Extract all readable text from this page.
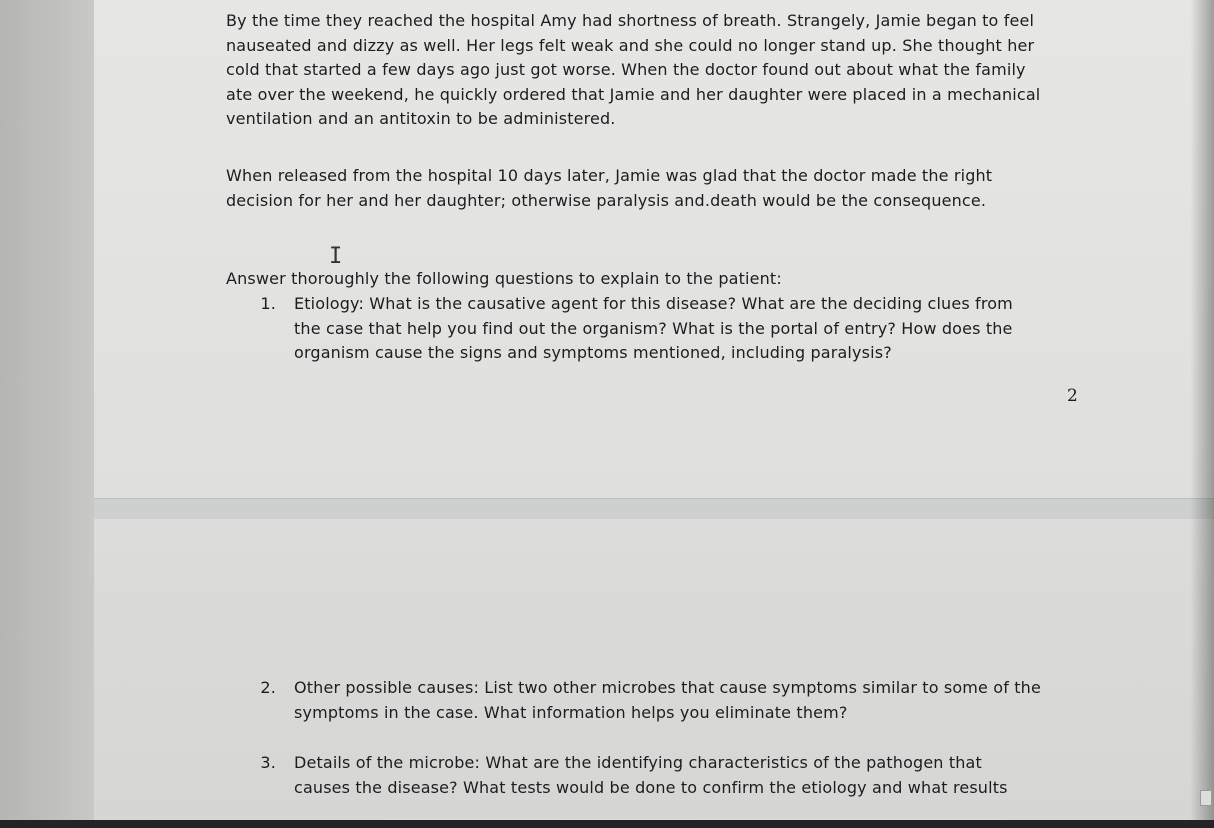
By the time they reached the hospital Amy had shortness of breath. Strangely, Jamie began to feel
nauseated and dizzy as well. Her legs felt weak and she could no longer stand up. She thought her
cold that started a few days ago just got worse. When the doctor found out about what the family
ate over the weekend, he quickly ordered that Jamie and her daughter were placed in a mechanical
ventilation and an antitoxin to be administered.

When released from the hospital 10 days later, Jamie was glad that the doctor made the right
decision for her and her daughter; otherwise paralysis and.death would be the consequence.

I

Answer thoroughly the following questions to explain to the patient:

1. Etiology: What is the causative agent for this disease? What are the deciding clues from
the case that help you find out the organism? What is the portal of entry? How does the
organism cause the signs and symptoms mentioned, including paralysis?

2
2. Other possible causes: List two other microbes that cause symptoms similar to some of the
symptoms in the case. What information helps you eliminate them?

3. Details of the microbe: What are the identifying characteristics of the pathogen that
causes the disease? What tests would be done to confirm the etiology and what results
